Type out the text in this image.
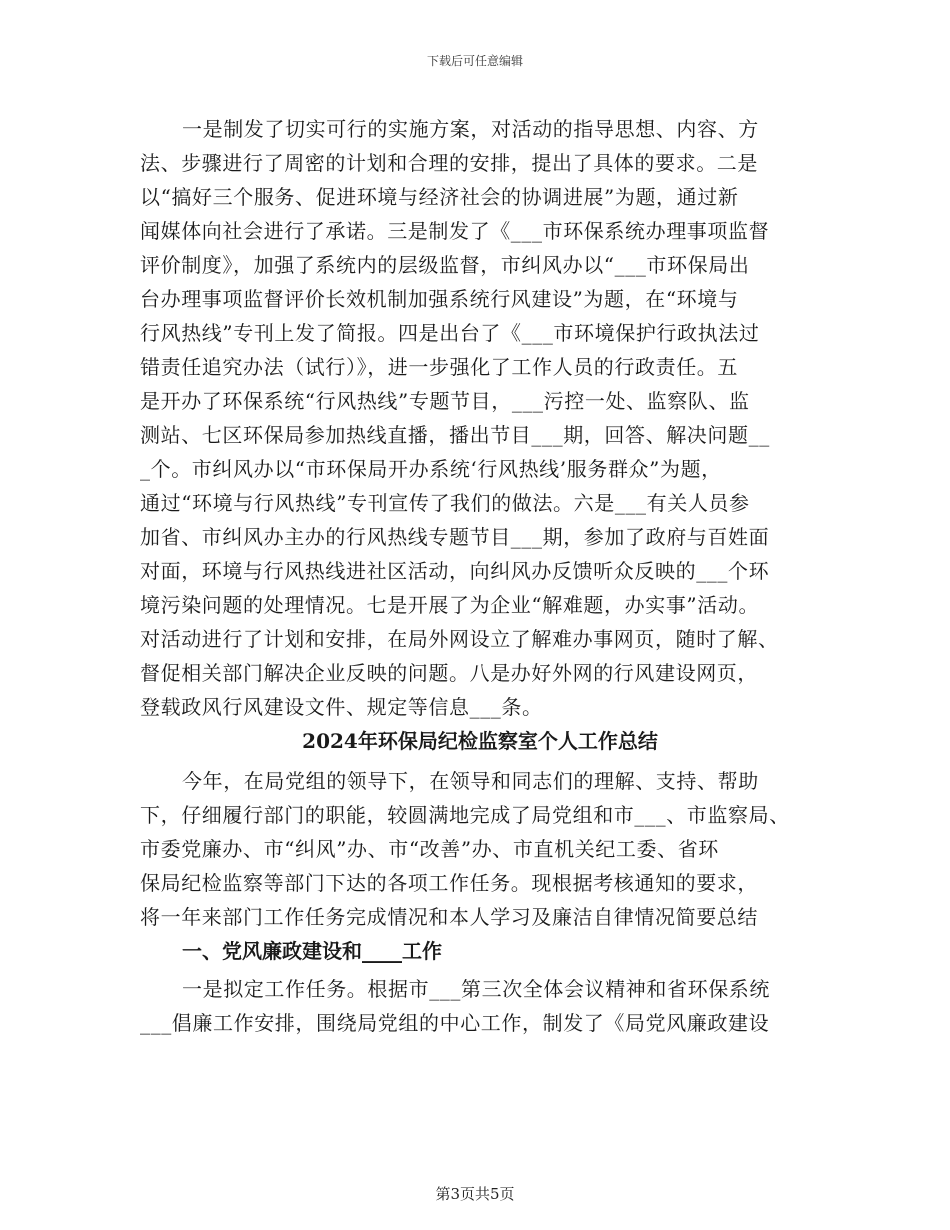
下载后可任意编辑
一是制发了切实可行的实施方案，对活动的指导思想、内容、方
法、步骤进行了周密的计划和合理的安排，提出了具体的要求。二是
以“搞好三个服务、促进环境与经济社会的协调进展”为题，通过新
闻媒体向社会进行了承诺。三是制发了《___市环保系统办理事项监督
评价制度》，加强了系统内的层级监督，市纠风办以“___市环保局出
台办理事项监督评价长效机制加强系统行风建设”为题，在“环境与
行风热线”专刊上发了简报。四是出台了《___市环境保护行政执法过
错责任追究办法（试行）》，进一步强化了工作人员的行政责任。五
是开办了环保系统“行风热线”专题节目，___污控一处、监察队、监
测站、七区环保局参加热线直播，播出节目___期，回答、解决问题__
_个。市纠风办以“市环保局开办系统‘行风热线’服务群众”为题，
通过“环境与行风热线”专刊宣传了我们的做法。六是___有关人员参
加省、市纠风办主办的行风热线专题节目___期，参加了政府与百姓面
对面，环境与行风热线进社区活动，向纠风办反馈听众反映的___个环
境污染问题的处理情况。七是开展了为企业“解难题，办实事”活动。
对活动进行了计划和安排，在局外网设立了解难办事网页，随时了解、
督促相关部门解决企业反映的问题。八是办好外网的行风建设网页，
登载政风行风建设文件、规定等信息___条。
2024年环保局纪检监察室个人工作总结
今年，在局党组的领导下，在领导和同志们的理解、支持、帮助
下，仔细履行部门的职能，较圆满地完成了局党组和市___、市监察局、
市委党廉办、市“纠风”办、市“改善”办、市直机关纪工委、省环
保局纪检监察等部门下达的各项工作任务。现根据考核通知的要求，
将一年来部门工作任务完成情况和本人学习及廉洁自律情况简要总结
一、党风廉政建设和____工作
一是拟定工作任务。根据市___第三次全体会议精神和省环保系统
___倡廉工作安排，围绕局党组的中心工作，制发了《局党风廉政建设
第3页共5页
